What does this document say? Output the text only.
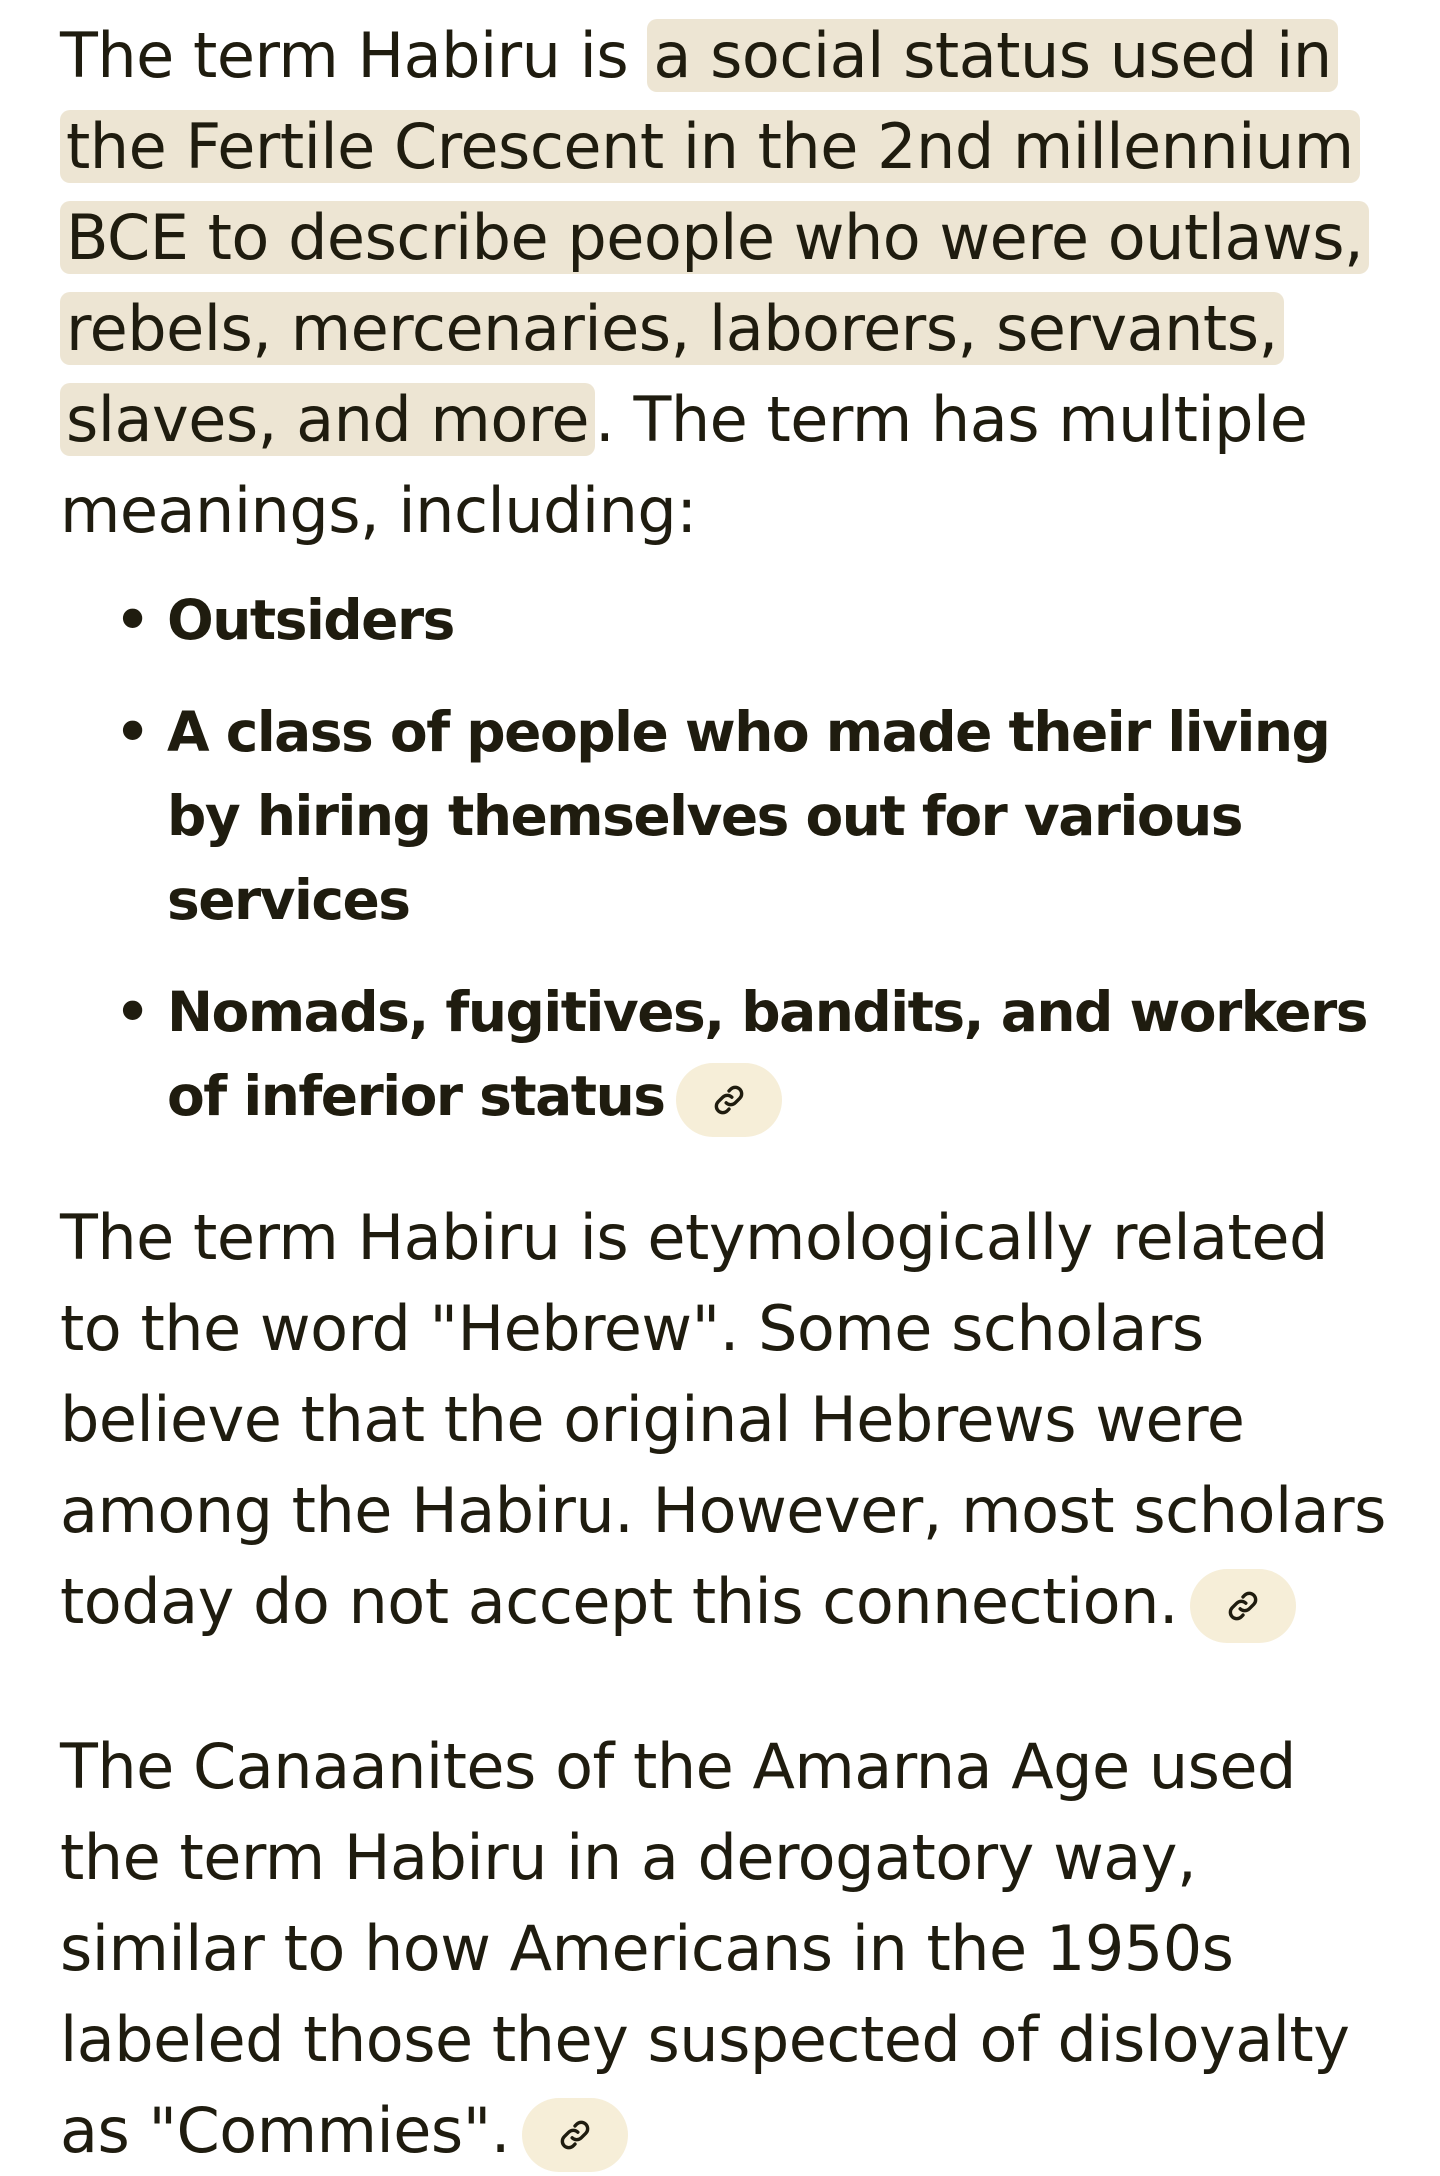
The term Habiru is a social status used in the Fertile Crescent in the 2nd millennium BCE to describe people who were outlaws, rebels, mercenaries, laborers, servants, slaves, and more. The term has multiple meanings, including:

• Outsiders
• A class of people who made their living by hiring themselves out for various services
• Nomads, fugitives, bandits, and workers of inferior status

The term Habiru is etymologically related to the word "Hebrew". Some scholars believe that the original Hebrews were among the Habiru. However, most scholars today do not accept this connection.

The Canaanites of the Amarna Age used the term Habiru in a derogatory way, similar to how Americans in the 1950s labeled those they suspected of disloyalty as "Commies".
